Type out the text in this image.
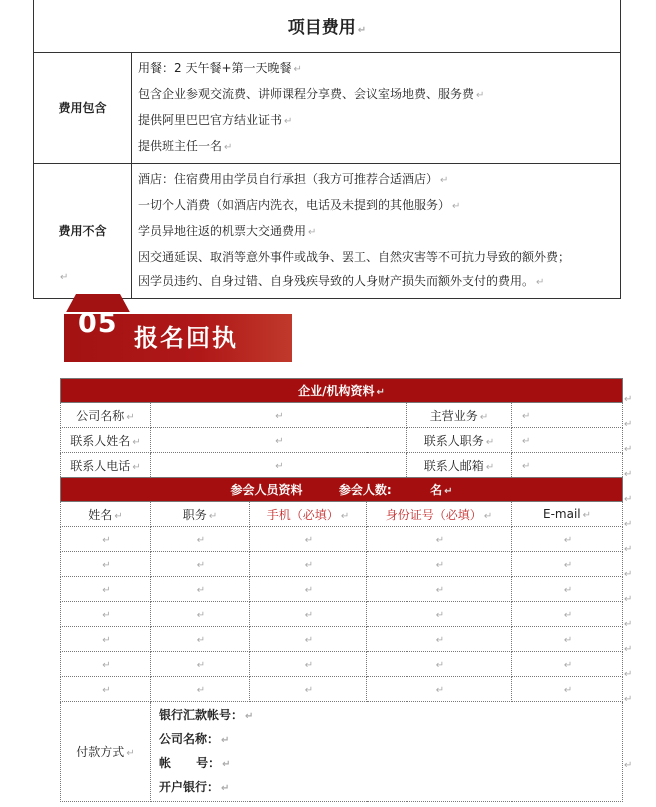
项目费用 ↵	
费用包含	用餐：2 天午餐+第一天晚餐 ↵
包含企业参观交流费、讲师课程分享费、会议室场地费、服务费 ↵
提供阿里巴巴官方结业证书 ↵
提供班主任一名 ↵

费用不含	酒店：住宿费用由学员自行承担（我方可推荐合适酒店） ↵
一切个人消费（如酒店内洗衣，电话及未提到的其他服务） ↵
学员异地往返的机票大交通费用 ↵
因交通延误、取消等意外事件或战争、罢工、自然灾害等不可抗力导致的额外费；
因学员违约、自身过错、自身残疾导致的人身财产损失而额外支付的费用。 ↵
↵
05 报名回执
企业/机构资料 ↵					
公司名称 ↵	↵			主营业务 ↵	↵
联系人姓名 ↵	↵			联系人职务 ↵	↵
联系人电话 ↵	↵			联系人邮箱 ↵	↵
参会人员资料 参会人数: 名 ↵					
姓名 ↵	职务 ↵	手机（必填） ↵	身份证号（必填） ↵		E-mail ↵
↵	↵	↵	↵		↵
↵	↵	↵	↵		↵
↵	↵	↵	↵		↵
↵	↵	↵	↵		↵
↵	↵	↵	↵		↵
↵	↵	↵	↵		↵
↵	↵	↵	↵		↵
付款方式 ↵	银行汇款帐号： ↵
公司名称： ↵
帐      号： ↵
开户银行： ↵				
↵
↵
↵
↵
↵
↵
↵
↵
↵
↵
↵
↵
↵
↵
